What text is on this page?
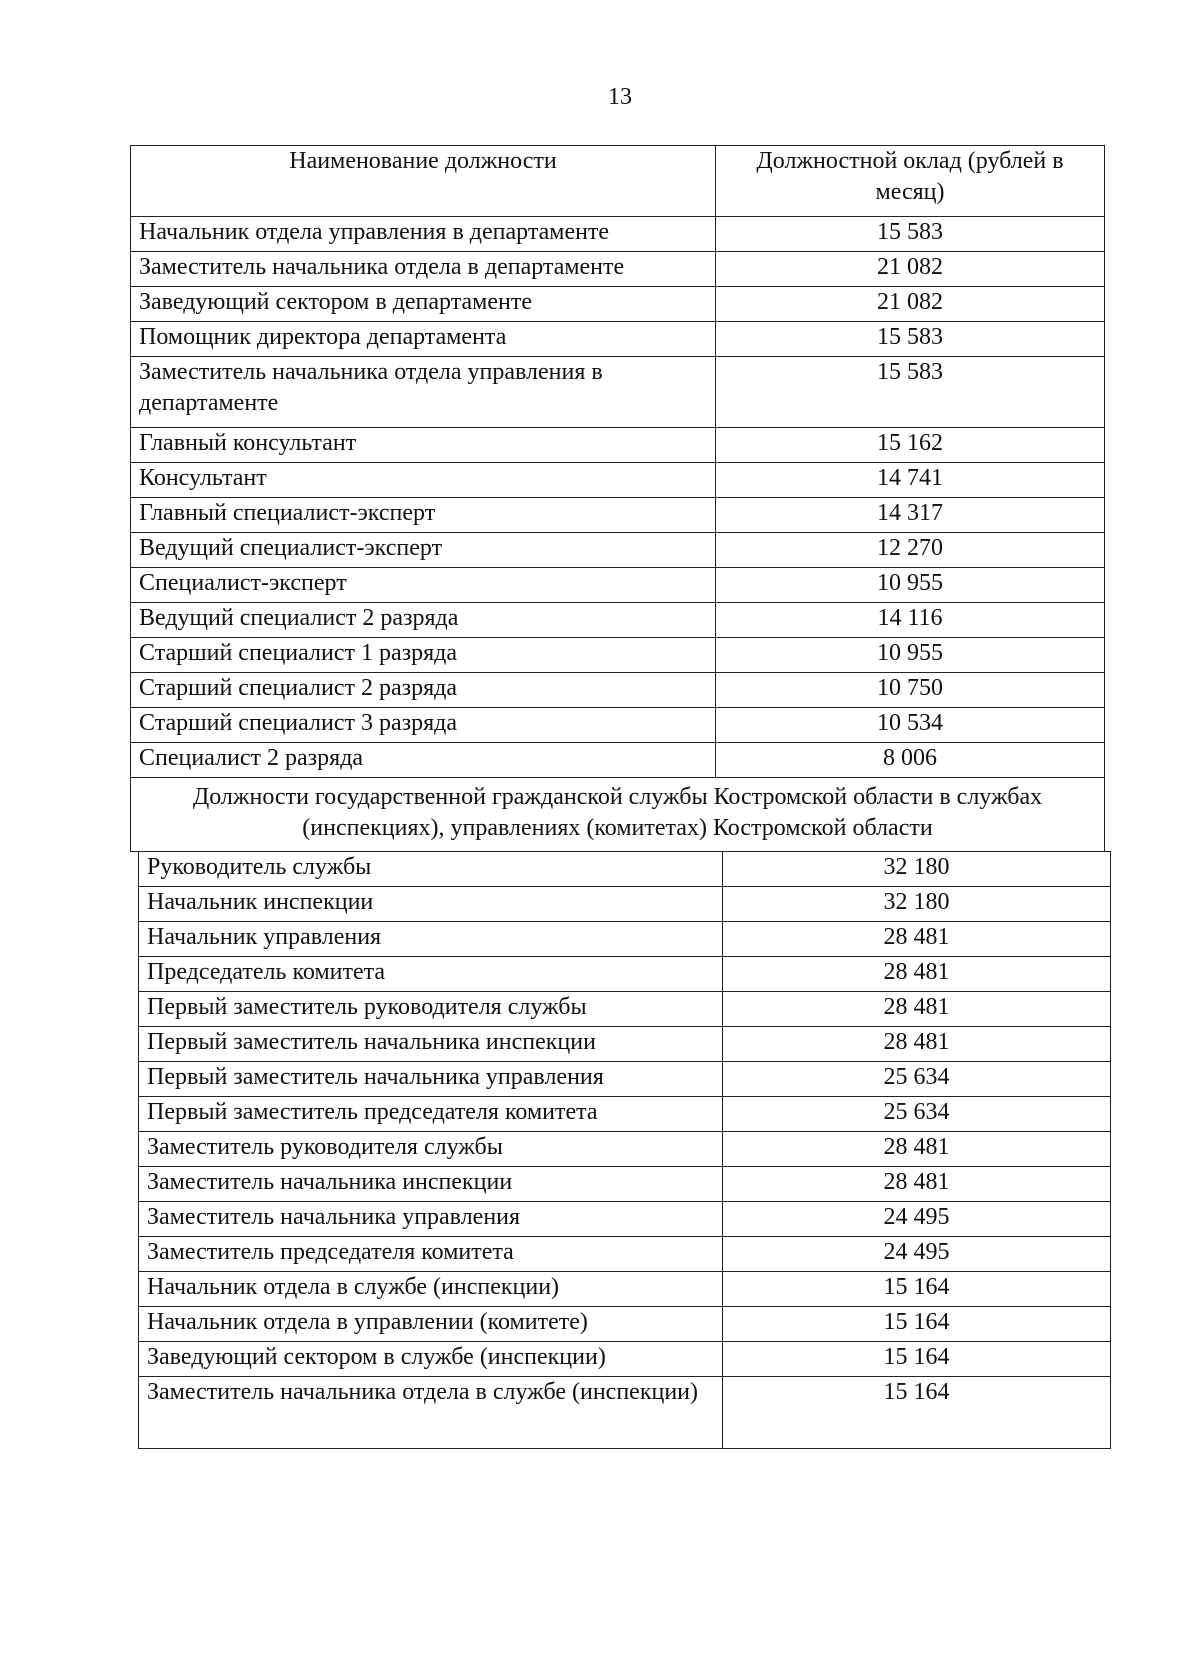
13
Наименование должности	Должностной оклад (рублей в месяц)
Начальник отдела управления в департаменте	15 583
Заместитель начальника отдела в департаменте	21 082
Заведующий сектором в департаменте	21 082
Помощник директора департамента	15 583
Заместитель начальника отдела управления в департаменте	15 583
Главный консультант	15 162
Консультант	14 741
Главный специалист-эксперт	14 317
Ведущий специалист-эксперт	12 270
Специалист-эксперт	10 955
Ведущий специалист 2 разряда	14 116
Старший специалист 1 разряда	10 955
Старший специалист 2 разряда	10 750
Старший специалист 3 разряда	10 534
Специалист 2 разряда	8 006
Должности государственной гражданской службы Костромской области в службах (инспекциях), управлениях (комитетах) Костромской области	
Руководитель службы	32 180
Начальник инспекции	32 180
Начальник управления	28 481
Председатель комитета	28 481
Первый заместитель руководителя службы	28 481
Первый заместитель начальника инспекции	28 481
Первый заместитель начальника управления	25 634
Первый заместитель председателя комитета	25 634
Заместитель руководителя службы	28 481
Заместитель начальника инспекции	28 481
Заместитель начальника управления	24 495
Заместитель председателя комитета	24 495
Начальник отдела в службе (инспекции)	15 164
Начальник отдела в управлении (комитете)	15 164
Заведующий сектором в службе (инспекции)	15 164
Заместитель начальника отдела в службе (инспекции)	15 164
